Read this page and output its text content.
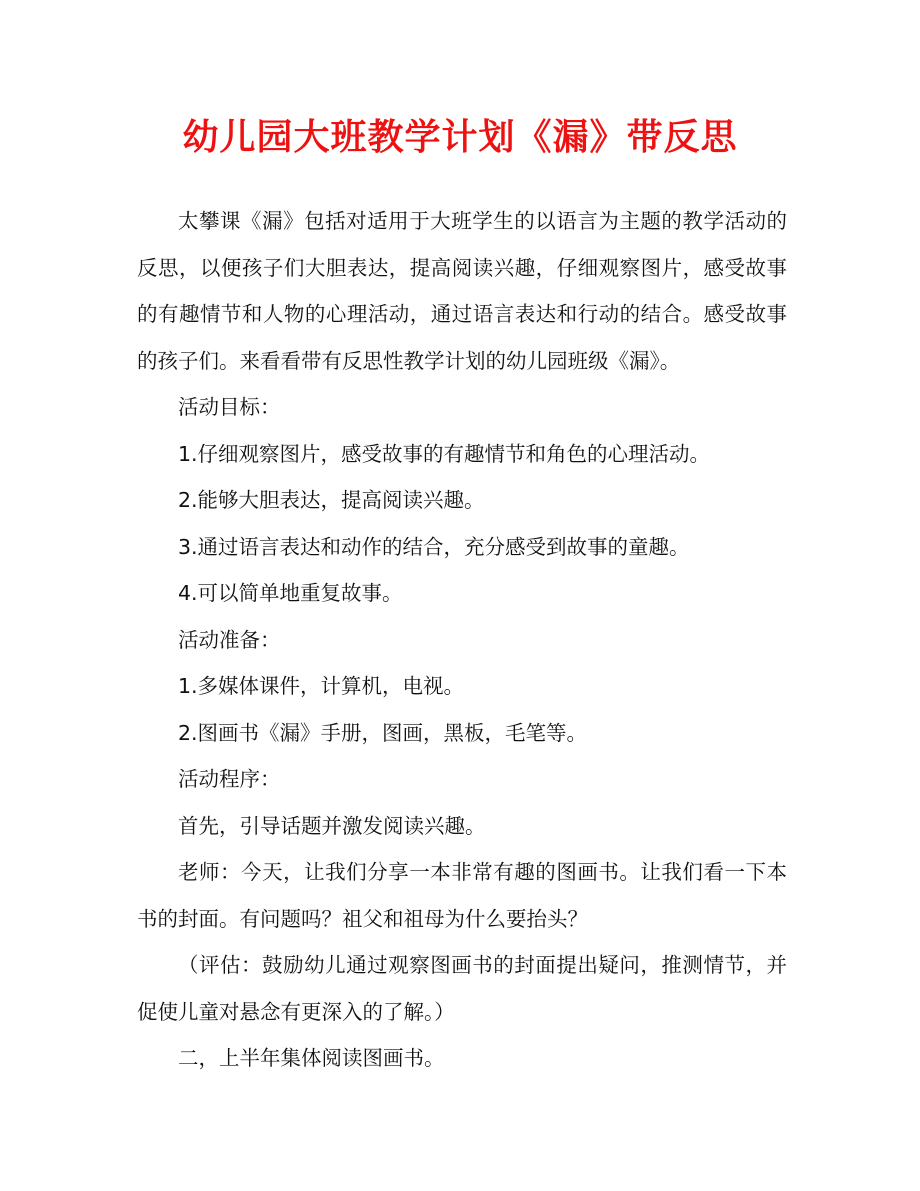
幼儿园大班教学计划《漏》带反思

太攀课《漏》包括对适用于大班学生的以语言为主题的教学活动的反思，以便孩子们大胆表达，提高阅读兴趣，仔细观察图片，感受故事的有趣情节和人物的心理活动，通过语言表达和行动的结合。感受故事的孩子们。来看看带有反思性教学计划的幼儿园班级《漏》。

活动目标：

1.仔细观察图片，感受故事的有趣情节和角色的心理活动。

2.能够大胆表达，提高阅读兴趣。

3.通过语言表达和动作的结合，充分感受到故事的童趣。

4.可以简单地重复故事。

活动准备：

1.多媒体课件，计算机，电视。

2.图画书《漏》手册，图画，黑板，毛笔等。

活动程序：

首先，引导话题并激发阅读兴趣。

老师：今天，让我们分享一本非常有趣的图画书。让我们看一下本书的封面。有问题吗？祖父和祖母为什么要抬头？

（评估：鼓励幼儿通过观察图画书的封面提出疑问，推测情节，并促使儿童对悬念有更深入的了解。）

二，上半年集体阅读图画书。
